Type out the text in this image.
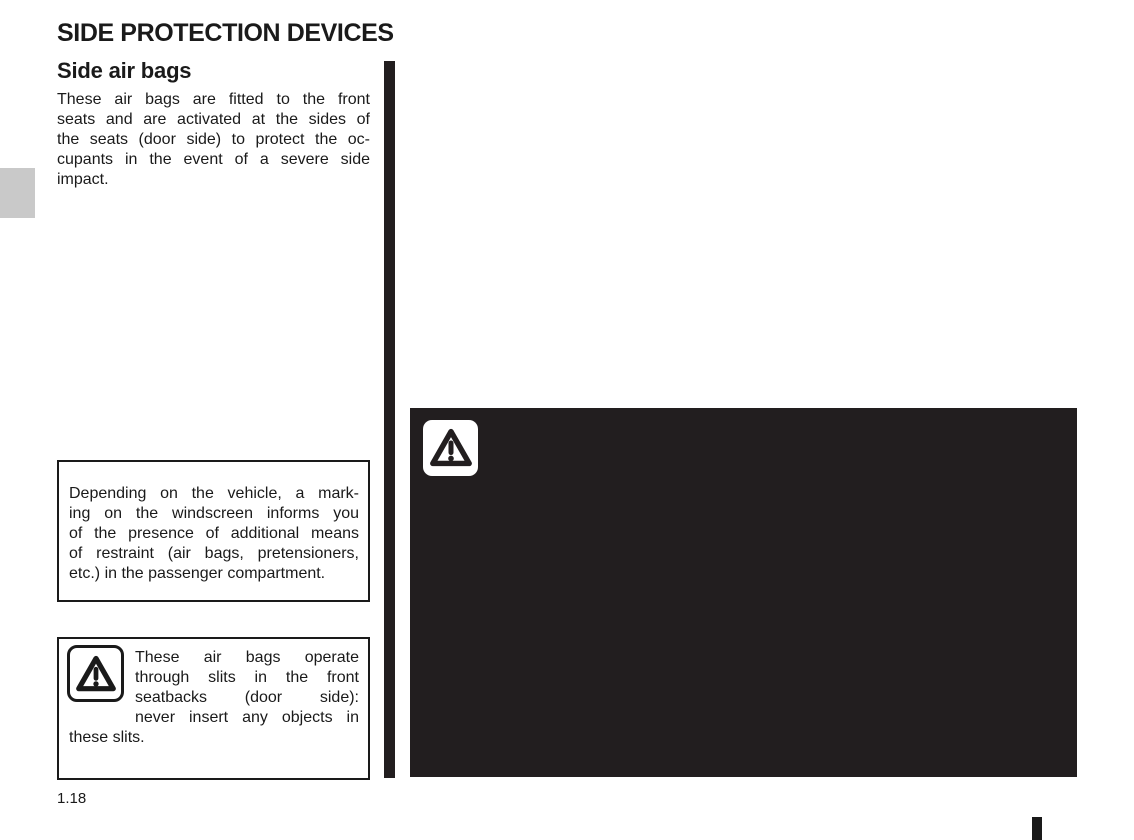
SIDE PROTECTION DEVICES
Side air bags
These air bags are fitted to the front
seats and are activated at the sides of
the seats (door side) to protect the oc-
cupants in the event of a severe side
impact.
Depending on the vehicle, a mark-
ing on the windscreen informs you
of the presence of additional means
of restraint (air bags, pretensioners,
etc.) in the passenger compartment.
These air bags operate
through slits in the front
seatbacks (door side):
never insert any objects in
these slits.
1.18
